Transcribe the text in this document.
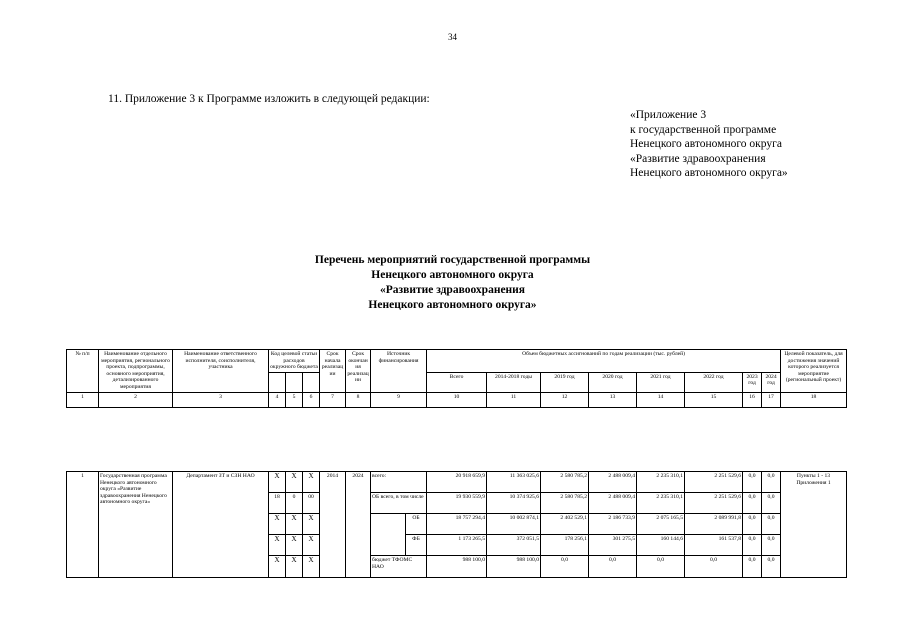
34
11. Приложение 3 к Программе изложить в следующей редакции:
«Приложение 3
к государственной программе
Ненецкого автономного округа
«Развитие здравоохранения
Ненецкого автономного округа»
Перечень мероприятий государственной программы
Ненецкого автономного округа
«Развитие здравоохранения
Ненецкого автономного округа»
№ п/п	Наименование отдельного мероприятия, регионального проекта, подпрограммы, основного мероприятия, детализированного мероприятия	Наименование ответственного исполнителя, соисполнителя, участника	Код целевой статьи расходов окружного бюджета			Срок начала реализации	Срок окончания реализации	Источник финансирования	Объем бюджетных ассигнований по годам реализации (тыс. рублей)								Целевой показатель, для достижения значений которого реализуется мероприятие (региональный проект)
									Всего	2014-2018 годы	2019 год	2020 год	2021 год	2022 год	2023 год	2024 год	

1	2	3	4	5	6	7	8	9	10	11	12	13	14	15	16	17	18
1	Государственная программа Ненецкого автономного округа «Развитие здравоохранения Ненецкого автономного округа»	Департамент ЗТ и СЗН НАО	Х	Х	Х	2014	2024	всего:		20 918 659,9	11 363 025,6	2 580 785,2	2 488 009,4	2 235 310,1	2 251 529,6	0,0	0,0	Пункты 1 - 13 Приложения 1
			18	0	00			ОБ всего, в том числе		19 930 559,9	10 374 925,6	2 580 785,2	2 488 009,4	2 235 310,1	2 251 529,6	0,0	0,0	
			Х	Х	Х				ОБ	18 757 294,4	10 002 874,1	2 402 529,1	2 186 733,9	2 075 165,5	2 089 991,8	0,0	0,0	
			Х	Х	Х				ФБ	1 173 265,5	372 051,5	178 256,1	301 275,5	160 144,6	161 537,8	0,0	0,0	
			Х	Х	Х			бюджет ТФОМС НАО		988 100,0	988 100,0	0,0	0,0	0,0	0,0	0,0	0,0	
